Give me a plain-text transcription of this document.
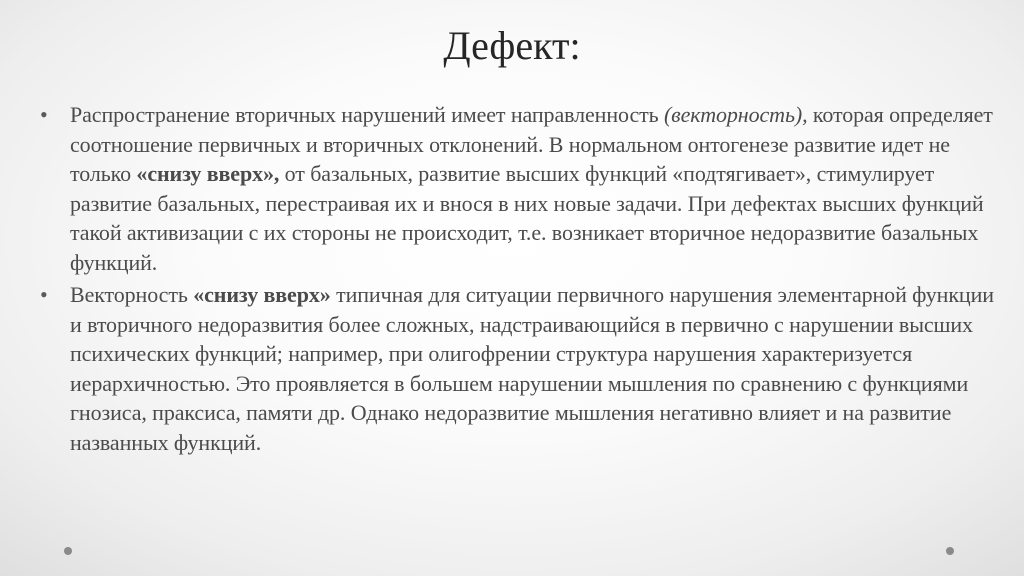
Дефект:
• Распространение вторичных нарушений имеет направленность (векторность), которая определяет соотношение первичных и вторичных отклонений. В нормальном онтогенезе развитие идет не только «снизу вверх», от базальных, развитие высших функций «подтягивает», стимулирует развитие базальных, перестраивая их и внося в них новые задачи. При дефектах высших функций такой активизации с их стороны не происходит, т.е. возникает вторичное недоразвитие базальных функций.
• Векторность «снизу вверх» типичная для ситуации первичного нарушения элементарной функции и вторичного недоразвития более сложных, надстраивающийся в первично с нарушении высших психических функций; например, при олигофрении структура нарушения характеризуется иерархичностью. Это проявляется в большем нарушении мышления по сравнению с функциями гнозиса, праксиса, памяти др. Однако недоразвитие мышления негативно влияет и на развитие названных функций.
